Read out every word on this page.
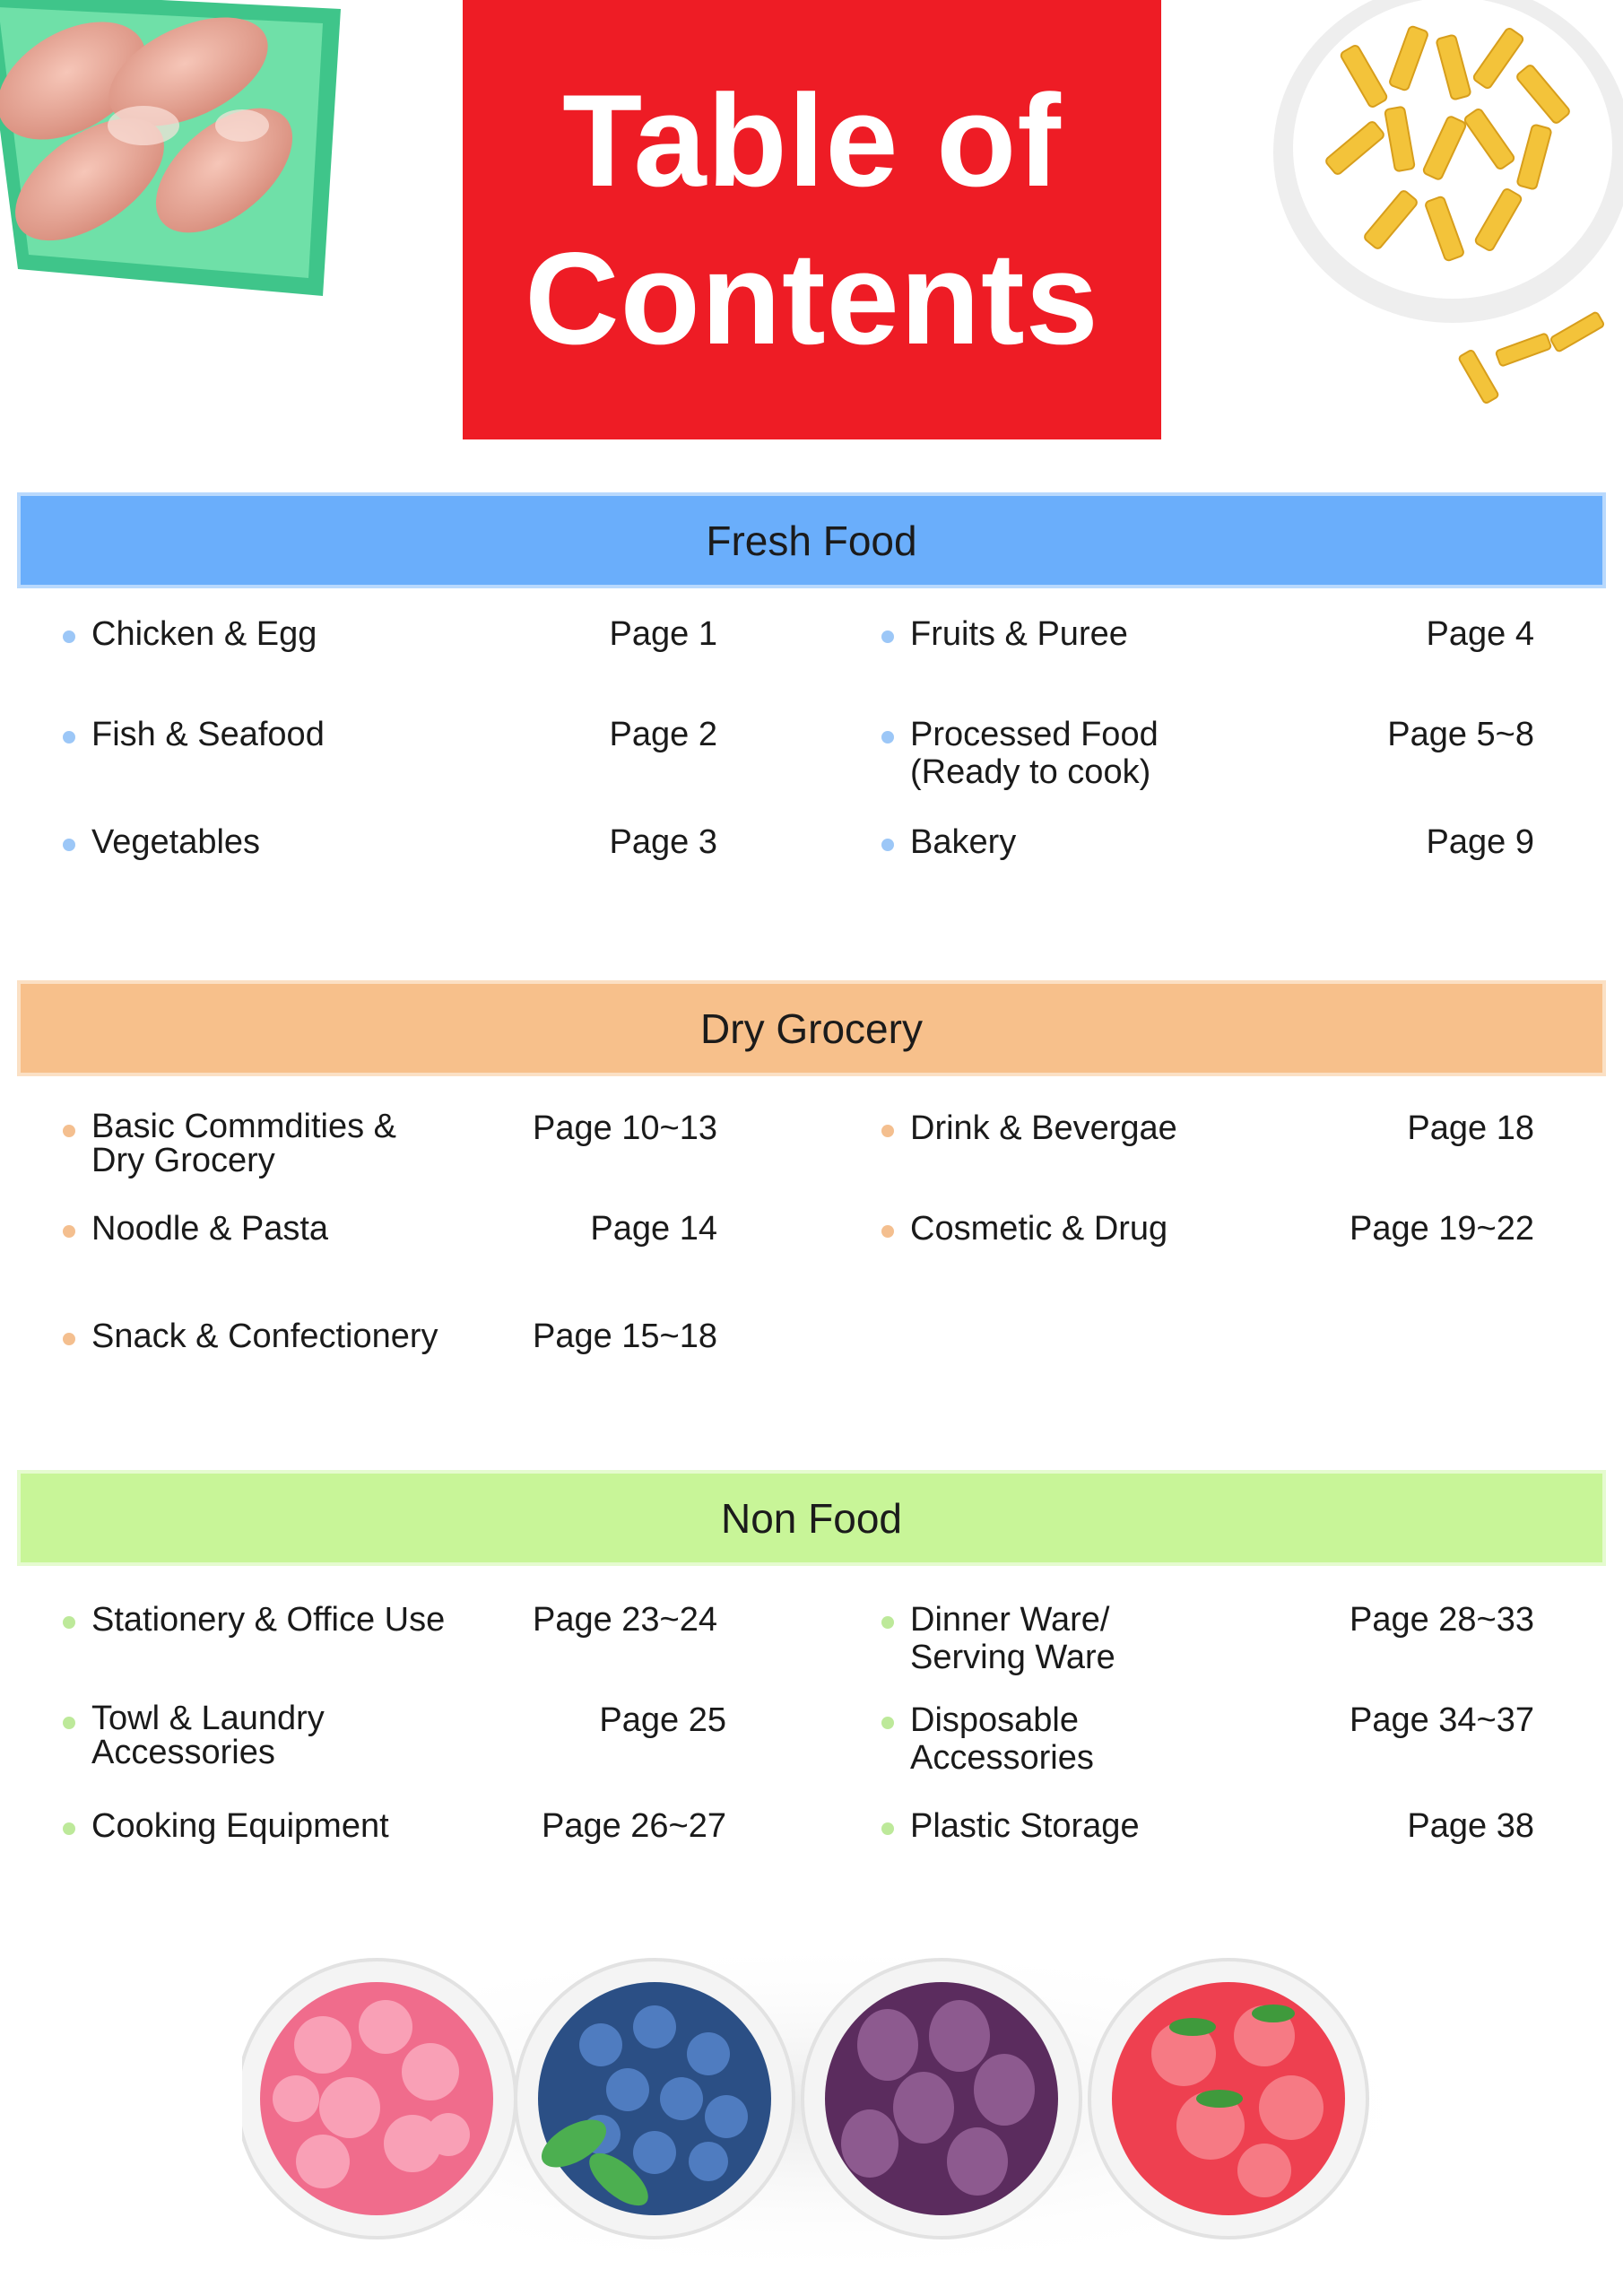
Table of
Contents
Fresh Food
Chicken & Egg	Page 1
Fish & Seafood	Page 2
Vegetables	Page 3
Fruits & Puree	Page 4
Processed Food
(Ready to cook)
Page 5~8
Bakery	Page 9
Dry Grocery
Basic Commdities &
Dry Grocery
Page 10~13
Noodle & Pasta	Page 14
Snack & Confectionery	Page 15~18
Drink & Bevergae	Page 18
Cosmetic & Drug	Page 19~22
Non Food
Stationery & Office Use	Page 23~24
Towl & Laundry
Accessories
Page 25
Cooking Equipment	Page 26~27
Dinner Ware/
Serving Ware
Page 28~33
Disposable
Accessories
Page 34~37
Plastic Storage	Page 38
